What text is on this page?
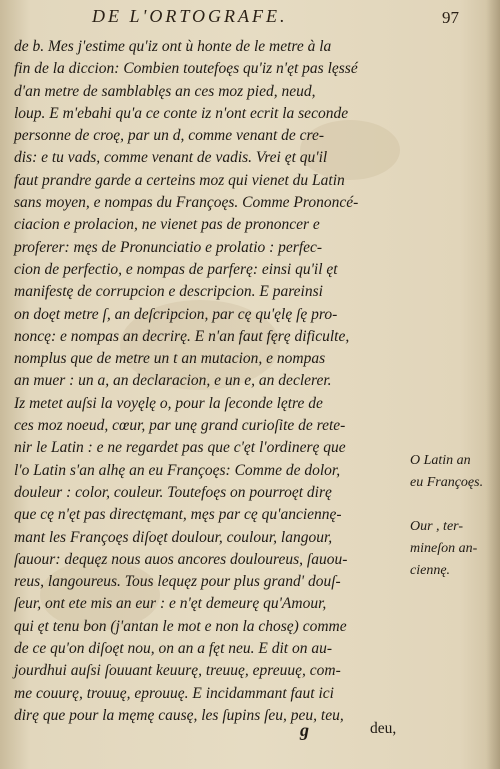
DE L'ORTOGRAFE.	97
de b. Mes j'estime qu'iz ont ù honte de le metre à la
fin de la diccion: Combien toutefoęs qu'iz n'ęt pas lęssé
d'an metre de samblablęs an ces moz pied, neud,
loup. E m'ebahi qu'a ce conte iz n'ont ecrit la seconde
personne de croę, par un d, comme venant de cre-
dis: e tu vads, comme venant de vadis. Vrei ęt qu'il
faut prandre garde a certeins moz qui vienet du Latin
sans moyen, e nompas du Françoęs. Comme Prononcé-
ciacion e prolacion, ne vienet pas de prononcer e
proferer: męs de Pronunciatio e prolatio : perfec-
cion de perfectio, e nompas de parferę: einsi qu'il ęt
manifestę de corrupcion e descripcion. E pareinsi
on doęt metre ſ, an deſcripcion, par cę qu'ęlę ſę pro-
noncę: e nompas an decrirę. E n'an faut fęrę dificulte,
nomplus que de metre un t an mutacion, e nompas
an muer : un a, an declaracion, e un e, an declerer.
Iz metet auſsi la voyęlę o, pour la ſeconde lętre de
ces moz noeud, cœur, par unę grand curioſite de rete-
nir le Latin : e ne regardet pas que c'ęt l'ordinerę que
l'o Latin s'an alhę an eu Françoęs: Comme de dolor,
douleur : color, couleur. Toutefoęs on pourroęt dirę
que cę n'ęt pas directęmant, męs par cę qu'anciennę-
mant les Françoęs diſoęt doulour, coulour, langour,
ſauour: dequęz nous auos ancores douloureus, ſauou-
reus, langoureus. Tous lequęz pour plus grand' douſ-
ſeur, ont ete mis an eur : e n'ęt demeurę qu'Amour,
qui ęt tenu bon (j'antan le mot e non la chosę) comme
de ce qu'on diſoęt nou, on an a fęt neu. E dit on au-
jourdhui auſsi ſouuant keuurę, treuuę, epreuuę, com-
me couurę, trouuę, eprouuę. E incidammant faut ici
dirę que pour la męmę causę, les ſupins ſeu, peu, teu,
O Latin an
eu Françoęs.
Our , ter-
mineſon an-
ciennę.
g	deu,
